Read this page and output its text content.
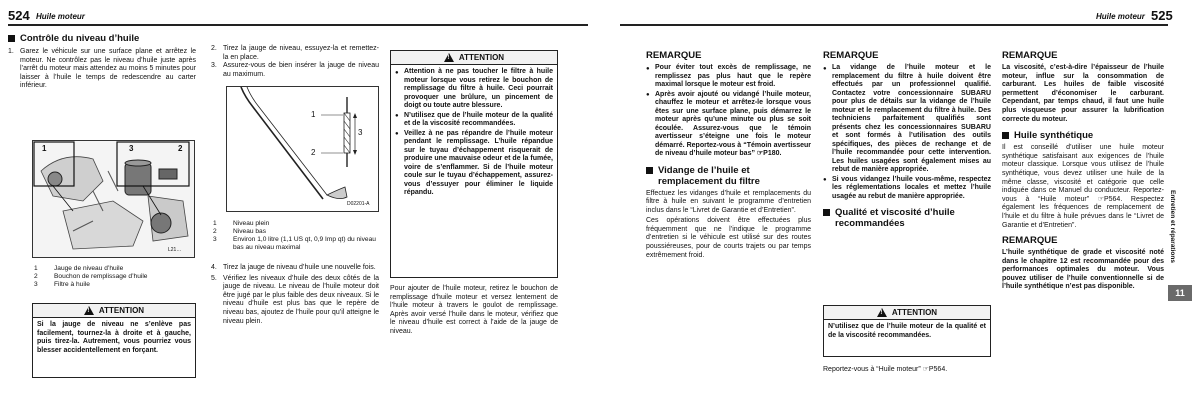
524 Huile moteur	Huile moteur 525
Contrôle du niveau d’huile
1. Garez le véhicule sur une surface plane et arrêtez le moteur. Ne contrôlez pas le niveau d’huile juste après l’arrêt du moteur mais attendez au moins 5 minutes pour laisser à l’huile le temps de redescendre au carter inférieur.
1	3	2
L21…
1	Jauge de niveau d’huile
2	Bouchon de remplissage d’huile
3	Filtre à huile
!
ATTENTION
Si la jauge de niveau ne s’enlève pas facilement, tournez-la à droite et à gauche, puis tirez-la. Autrement, vous pourriez vous blesser accidentellement en forçant.
2. Tirez la jauge de niveau, essuyez-la et remettez-la en place.
3. Assurez-vous de bien insérer la jauge de niveau au maximum.
1
3
2
D02201-A
1	Niveau plein
2	Niveau bas
3	Environ 1,0 litre (1,1 US qt, 0,9 Imp qt) du niveau bas au niveau maximal
4. Tirez la jauge de niveau d’huile une nouvelle fois.
5. Vérifiez les niveaux d’huile des deux côtés de la jauge de niveau. Le niveau de l’huile moteur doit être jugé par le plus faible des deux niveaux. Si le niveau d’huile est plus bas que le repère de niveau bas, ajoutez de l’huile pour qu’il atteigne le niveau plein.
!
ATTENTION
● Attention à ne pas toucher le filtre à huile moteur lorsque vous retirez le bouchon de remplissage du filtre à huile. Ceci pourrait provoquer une brûlure, un pincement de doigt ou toute autre blessure.
● N’utilisez que de l’huile moteur de la qualité et de la viscosité recommandées.
● Veillez à ne pas répandre de l’huile moteur pendant le remplissage. L’huile répandue sur le tuyau d’échappement risquerait de produire une mauvaise odeur et de la fumée, voire de s’enflammer. Si de l’huile moteur coule sur le tuyau d’échappement, assurez-vous d’essuyer pour éliminer le liquide répandu.
Pour ajouter de l’huile moteur, retirez le bouchon de remplissage d’huile moteur et versez lentement de l’huile moteur à travers le goulot de remplissage. Après avoir versé l’huile dans le moteur, vérifiez que le niveau d’huile est correct à l’aide de la jauge de niveau.
REMARQUE
● Pour éviter tout excès de remplissage, ne remplissez pas plus haut que le repère maximal lorsque le moteur est froid.
● Après avoir ajouté ou vidangé l’huile moteur, chauffez le moteur et arrêtez-le lorsque vous êtes sur une surface plane, puis démarrez le moteur après qu’une minute ou plus se soit écoulée. Assurez-vous que le témoin avertisseur s’éteigne une fois le moteur démarré. Reportez-vous à “Témoin avertisseur de niveau d’huile moteur bas” ☞P180.
Vidange de l’huile et remplacement du filtre
Effectuez les vidanges d’huile et remplacements du filtre à huile en suivant le programme d’entretien inclus dans le “Livret de Garantie et d’Entretien”.
Ces opérations doivent être effectuées plus fréquemment que ne l’indique le programme d’entretien si le véhicule est utilisé sur des routes poussiéreuses, pour de courts trajets ou par temps extrêmement froid.
REMARQUE
● La vidange de l’huile moteur et le remplacement du filtre à huile doivent être effectués par un professionnel qualifié. Contactez votre concessionnaire SUBARU pour plus de détails sur la vidange de l’huile moteur et le remplacement du filtre à huile. Des techniciens parfaitement qualifiés sont présents chez les concessionnaires SUBARU et sont formés à l’utilisation des outils spécifiques, des pièces de rechange et de l’huile recommandée pour cette intervention. Les huiles usagées sont également mises au rebut de manière appropriée.
● Si vous vidangez l’huile vous-même, respectez les réglementations locales et mettez l’huile usagée au rebut de manière appropriée.
Qualité et viscosité d’huile recommandées
!
ATTENTION
N’utilisez que de l’huile moteur de la qualité et de la viscosité recommandées.
Reportez-vous à “Huile moteur” ☞P564.
REMARQUE
La viscosité, c’est-à-dire l’épaisseur de l’huile moteur, influe sur la consommation de carburant. Les huiles de faible viscosité permettent d’économiser le carburant. Cependant, par temps chaud, il faut une huile plus visqueuse pour assurer la lubrification correcte du moteur.
Huile synthétique
Il est conseillé d’utiliser une huile moteur synthétique satisfaisant aux exigences de l’huile moteur classique. Lorsque vous utilisez de l’huile synthétique, vous devez utiliser une huile de la même classe, viscosité et catégorie que celle indiquée dans ce Manuel du conducteur. Reportez-vous à “Huile moteur” ☞P564. Respectez également les fréquences de remplacement de l’huile et du filtre à huile prévues dans le “Livret de Garantie et d’Entretien”.
REMARQUE
L’huile synthétique de grade et viscosité noté dans le chapitre 12 est recommandée pour des performances optimales du moteur. Vous pouvez utiliser de l’huile conventionnelle si de l’huile synthétique n’est pas disponible.
Entretien et réparations
11
